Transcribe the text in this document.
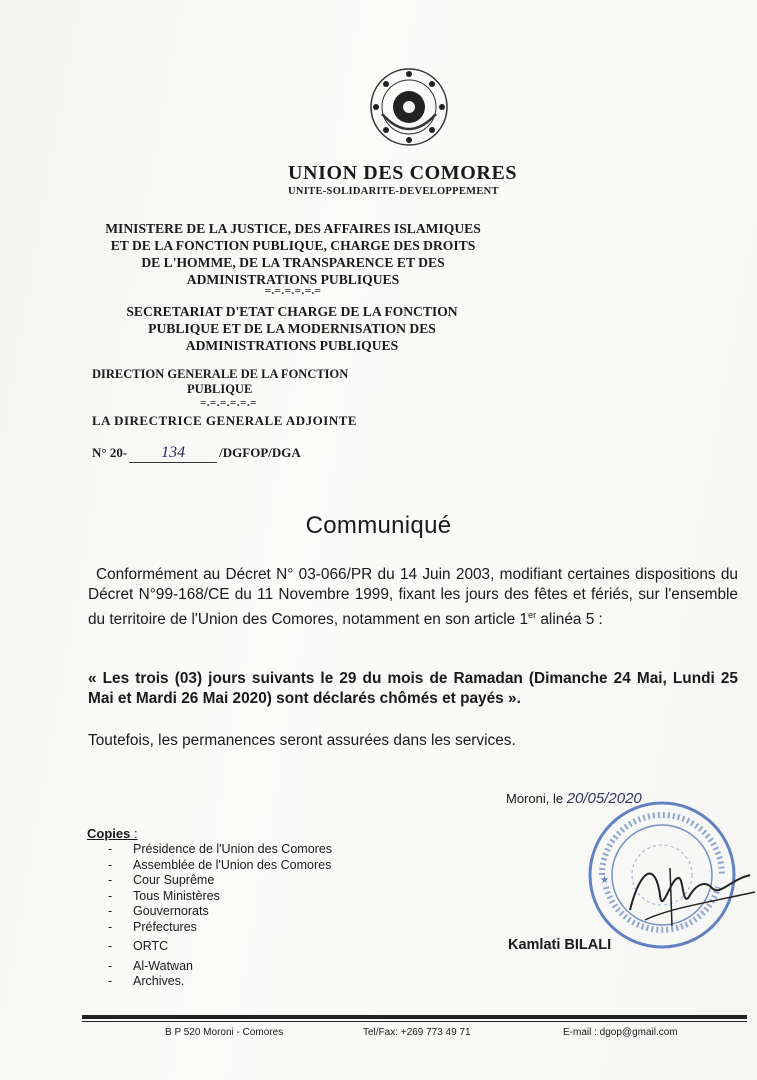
UNION DES COMORES
UNITE-SOLIDARITE-DEVELOPPEMENT
MINISTERE DE LA JUSTICE, DES AFFAIRES ISLAMIQUES
ET DE LA FONCTION PUBLIQUE, CHARGE DES DROITS
DE L'HOMME, DE LA TRANSPARENCE ET DES
ADMINISTRATIONS PUBLIQUES
=.=.=.=.=.=
SECRETARIAT D'ETAT CHARGE DE LA FONCTION
PUBLIQUE ET DE LA MODERNISATION DES
ADMINISTRATIONS PUBLIQUES
DIRECTION GENERALE DE LA FONCTION
PUBLIQUE
=.=.=.=.=.=
LA DIRECTRICE GENERALE ADJOINTE
N° 20- 134	/DGFOP/DGA
Communiqué
Conformément au Décret N° 03-066/PR du 14 Juin 2003, modifiant certaines dispositions du Décret N°99-168/CE du 11 Novembre 1999, fixant les jours des fêtes et fériés, sur l'ensemble du territoire de l'Union des Comores, notamment en son article 1er alinéa 5 :
« Les trois (03) jours suivants le 29 du mois de Ramadan (Dimanche 24 Mai, Lundi 25 Mai et Mardi 26 Mai 2020) sont déclarés chômés et payés ».
Toutefois, les permanences seront assurées dans les services.
Moroni, le 20/05/2020
★
Kamlati BILALI
Copies :
- Présidence de l'Union des Comores
- Assemblée de l'Union des Comores
- Cour Suprême
- Tous Ministères
- Gouvernorats
- Préfectures
- ORTC
- Al-Watwan
- Archives.
B P 520 Moroni - Comores	Tel/Fax: +269 773 49 71	E-mail : dgop@gmail.com
